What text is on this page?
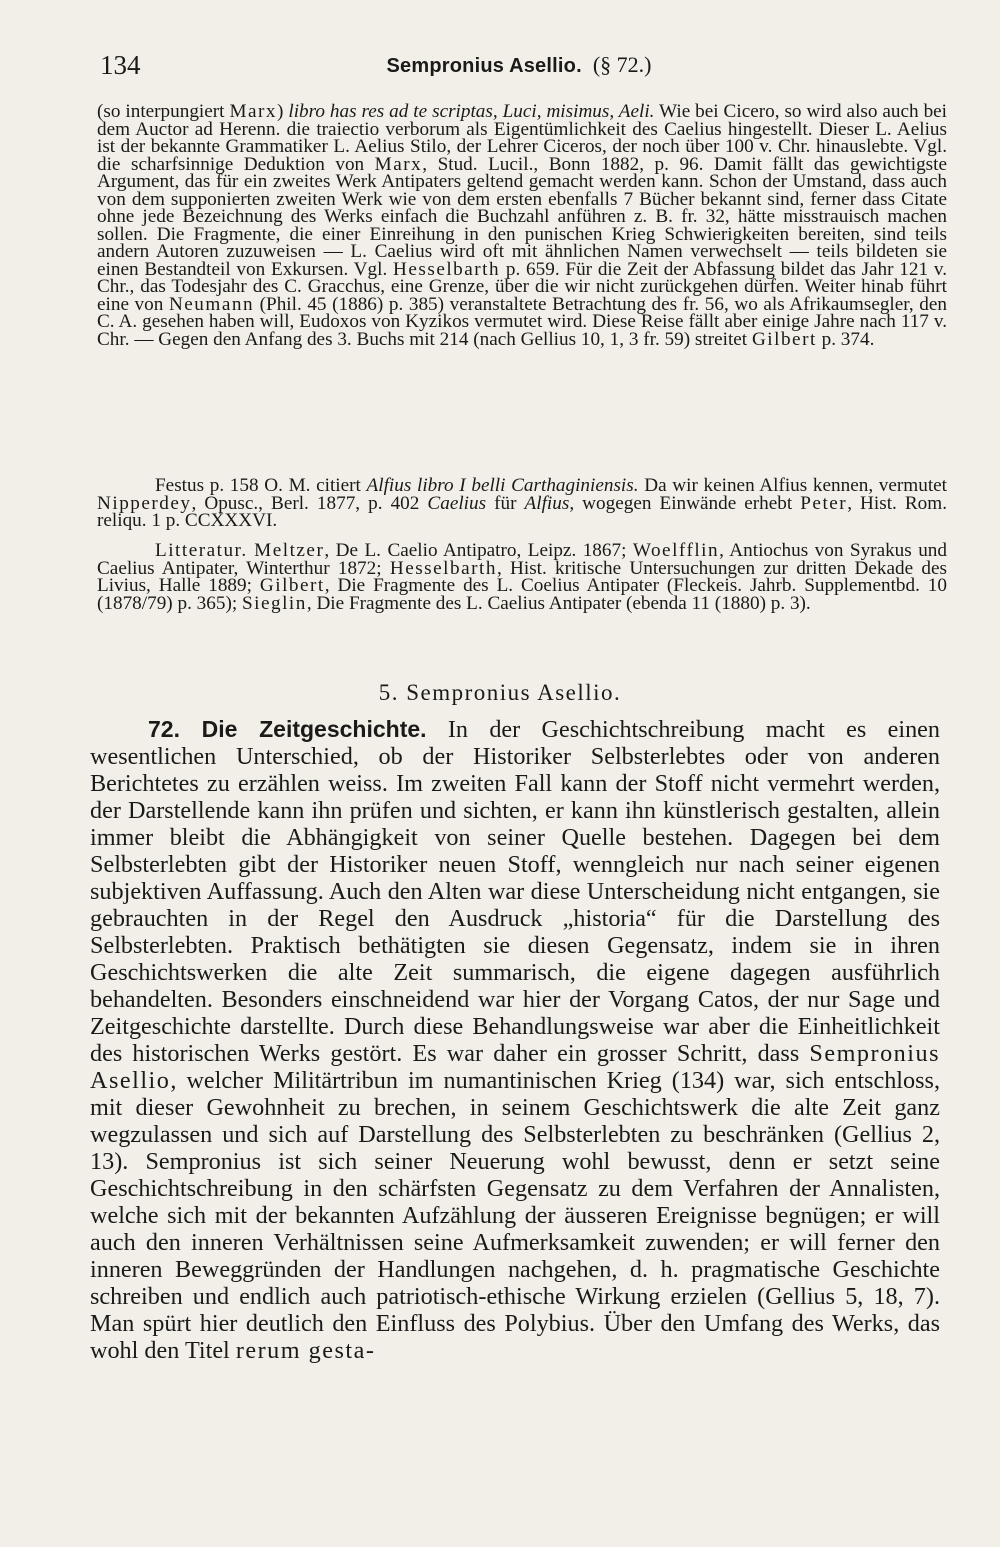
134	Sempronius Asellio. (§ 72.)

(so interpungiert Marx) libro has res ad te scriptas, Luci, misimus, Aeli. Wie bei Cicero, so wird also auch bei dem Auctor ad Herenn. die traiectio verborum als Eigentümlichkeit des Caelius hingestellt. Dieser L. Aelius ist der bekannte Grammatiker L. Aelius Stilo, der Lehrer Ciceros, der noch über 100 v. Chr. hinauslebte. Vgl. die scharfsinnige Deduktion von Marx, Stud. Lucil., Bonn 1882, p. 96. Damit fällt das gewichtigste Argument, das für ein zweites Werk Antipaters geltend gemacht werden kann. Schon der Umstand, dass auch von dem supponierten zweiten Werk wie von dem ersten ebenfalls 7 Bücher bekannt sind, ferner dass Citate ohne jede Bezeichnung des Werks einfach die Buchzahl anführen z. B. fr. 32, hätte misstrauisch machen sollen. Die Fragmente, die einer Einreihung in den punischen Krieg Schwierigkeiten bereiten, sind teils andern Autoren zuzuweisen — L. Caelius wird oft mit ähnlichen Namen verwechselt — teils bildeten sie einen Bestandteil von Exkursen. Vgl. Hesselbarth p. 659. Für die Zeit der Abfassung bildet das Jahr 121 v. Chr., das Todesjahr des C. Gracchus, eine Grenze, über die wir nicht zurückgehen dürfen. Weiter hinab führt eine von Neumann (Phil. 45 (1886) p. 385) veranstaltete Betrachtung des fr. 56, wo als Afrikaumsegler, den C. A. gesehen haben will, Eudoxos von Kyzikos vermutet wird. Diese Reise fällt aber einige Jahre nach 117 v. Chr. — Gegen den Anfang des 3. Buchs mit 214 (nach Gellius 10, 1, 3 fr. 59) streitet Gilbert p. 374.

Festus p. 158 O. M. citiert Alfius libro I belli Carthaginiensis. Da wir keinen Alfius kennen, vermutet Nipperdey, Opusc., Berl. 1877, p. 402 Caelius für Alfius, wogegen Einwände erhebt Peter, Hist. Rom. reliqu. 1 p. CCXXXVI.

Litteratur. Meltzer, De L. Caelio Antipatro, Leipz. 1867; Woelfflin, Antiochus von Syrakus und Caelius Antipater, Winterthur 1872; Hesselbarth, Hist. kritische Untersuchungen zur dritten Dekade des Livius, Halle 1889; Gilbert, Die Fragmente des L. Coelius Antipater (Fleckeis. Jahrb. Supplementbd. 10 (1878/79) p. 365); Sieglin, Die Fragmente des L. Caelius Antipater (ebenda 11 (1880) p. 3).

5. Sempronius Asellio.

72. Die Zeitgeschichte. In der Geschichtschreibung macht es einen wesentlichen Unterschied, ob der Historiker Selbsterlebtes oder von anderen Berichtetes zu erzählen weiss. Im zweiten Fall kann der Stoff nicht vermehrt werden, der Darstellende kann ihn prüfen und sichten, er kann ihn künstlerisch gestalten, allein immer bleibt die Abhängigkeit von seiner Quelle bestehen. Dagegen bei dem Selbsterlebten gibt der Historiker neuen Stoff, wenngleich nur nach seiner eigenen subjektiven Auffassung. Auch den Alten war diese Unterscheidung nicht entgangen, sie gebrauchten in der Regel den Ausdruck „historia“ für die Darstellung des Selbsterlebten. Praktisch bethätigten sie diesen Gegensatz, indem sie in ihren Geschichtswerken die alte Zeit summarisch, die eigene dagegen ausführlich behandelten. Besonders einschneidend war hier der Vorgang Catos, der nur Sage und Zeitgeschichte darstellte. Durch diese Behandlungsweise war aber die Einheitlichkeit des historischen Werks gestört. Es war daher ein grosser Schritt, dass Sempronius Asellio, welcher Militärtribun im numantinischen Krieg (134) war, sich entschloss, mit dieser Gewohnheit zu brechen, in seinem Geschichtswerk die alte Zeit ganz wegzulassen und sich auf Darstellung des Selbsterlebten zu beschränken (Gellius 2, 13). Sempronius ist sich seiner Neuerung wohl bewusst, denn er setzt seine Geschichtschreibung in den schärfsten Gegensatz zu dem Verfahren der Annalisten, welche sich mit der bekannten Aufzählung der äusseren Ereignisse begnügen; er will auch den inneren Verhältnissen seine Aufmerksamkeit zuwenden; er will ferner den inneren Beweggründen der Handlungen nachgehen, d. h. pragmatische Geschichte schreiben und endlich auch patriotisch-ethische Wirkung erzielen (Gellius 5, 18, 7). Man spürt hier deutlich den Einfluss des Polybius. Über den Umfang des Werks, das wohl den Titel rerum gesta-
